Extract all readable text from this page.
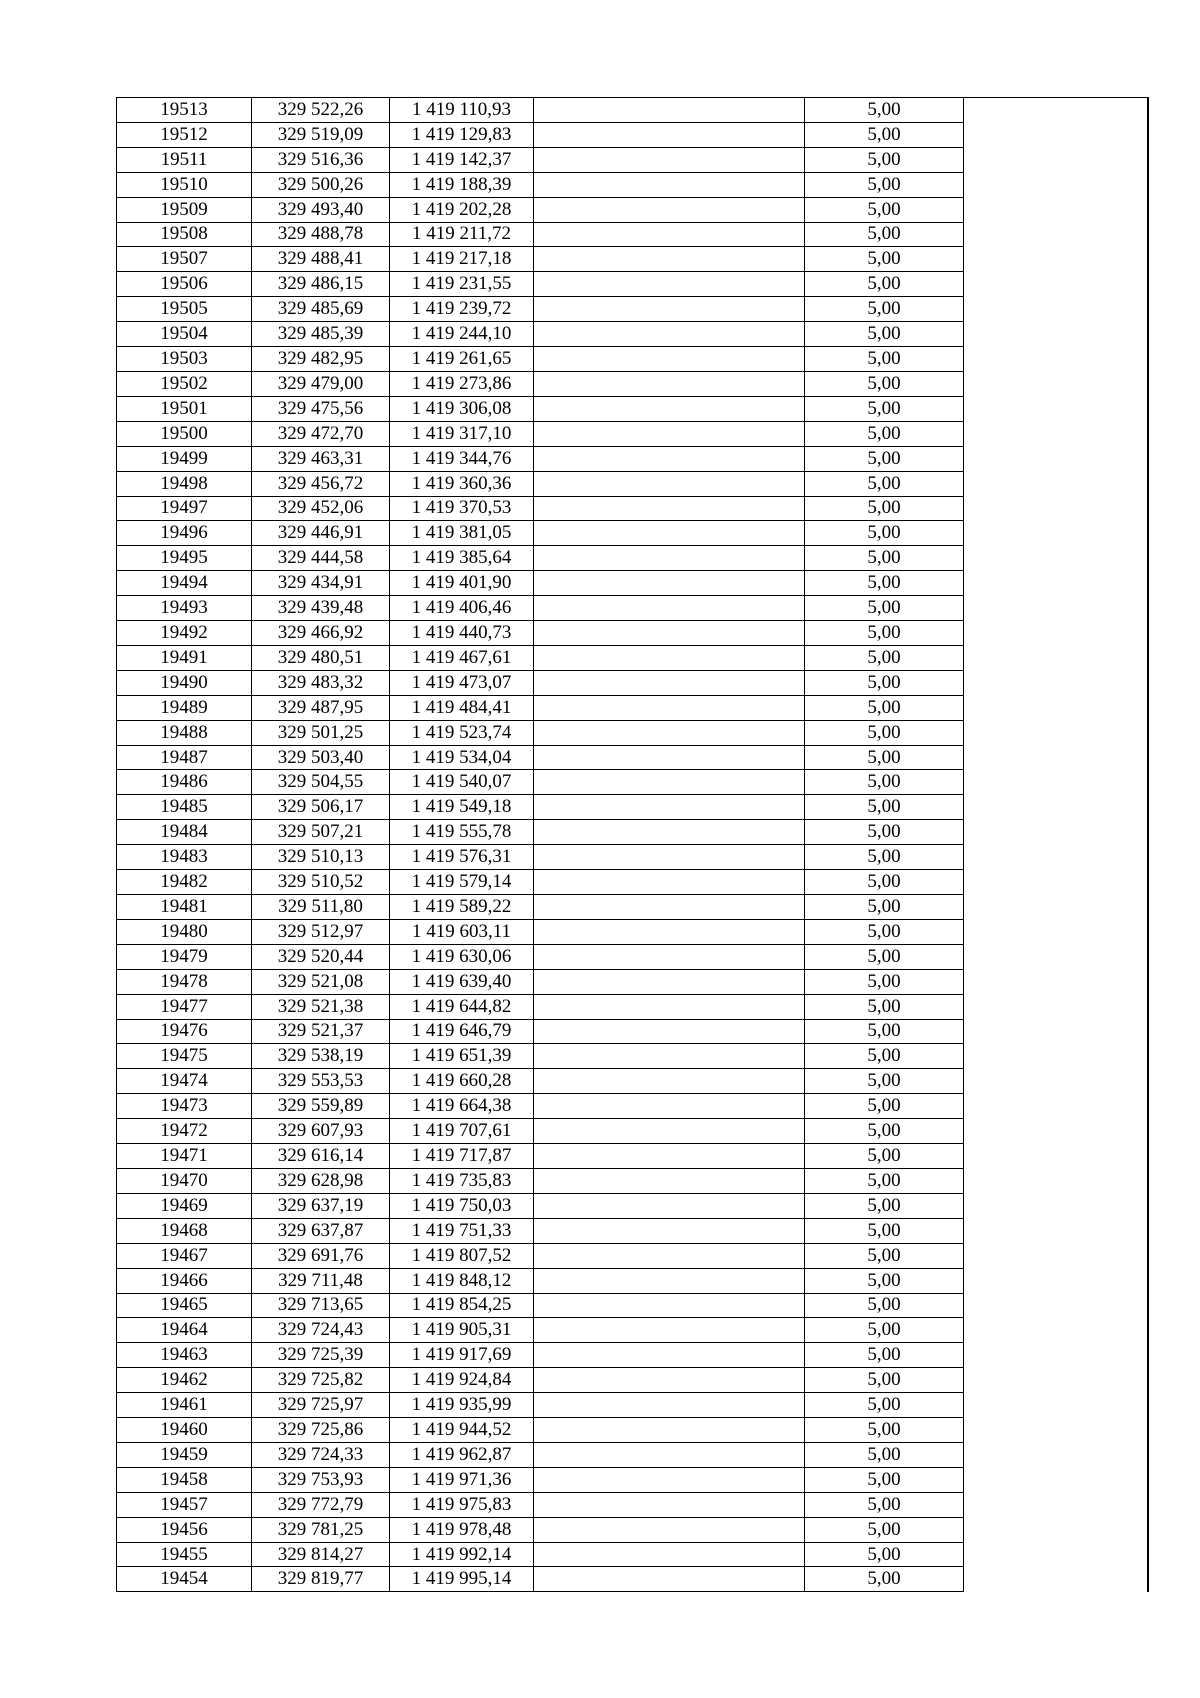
19513	329 522,26	1 419 110,93		5,00	
19512	329 519,09	1 419 129,83		5,00	
19511	329 516,36	1 419 142,37		5,00	
19510	329 500,26	1 419 188,39		5,00	
19509	329 493,40	1 419 202,28		5,00	
19508	329 488,78	1 419 211,72		5,00	
19507	329 488,41	1 419 217,18		5,00	
19506	329 486,15	1 419 231,55		5,00	
19505	329 485,69	1 419 239,72		5,00	
19504	329 485,39	1 419 244,10		5,00	
19503	329 482,95	1 419 261,65		5,00	
19502	329 479,00	1 419 273,86		5,00	
19501	329 475,56	1 419 306,08		5,00	
19500	329 472,70	1 419 317,10		5,00	
19499	329 463,31	1 419 344,76		5,00	
19498	329 456,72	1 419 360,36		5,00	
19497	329 452,06	1 419 370,53		5,00	
19496	329 446,91	1 419 381,05		5,00	
19495	329 444,58	1 419 385,64		5,00	
19494	329 434,91	1 419 401,90		5,00	
19493	329 439,48	1 419 406,46		5,00	
19492	329 466,92	1 419 440,73		5,00	
19491	329 480,51	1 419 467,61		5,00	
19490	329 483,32	1 419 473,07		5,00	
19489	329 487,95	1 419 484,41		5,00	
19488	329 501,25	1 419 523,74		5,00	
19487	329 503,40	1 419 534,04		5,00	
19486	329 504,55	1 419 540,07		5,00	
19485	329 506,17	1 419 549,18		5,00	
19484	329 507,21	1 419 555,78		5,00	
19483	329 510,13	1 419 576,31		5,00	
19482	329 510,52	1 419 579,14		5,00	
19481	329 511,80	1 419 589,22		5,00	
19480	329 512,97	1 419 603,11		5,00	
19479	329 520,44	1 419 630,06		5,00	
19478	329 521,08	1 419 639,40		5,00	
19477	329 521,38	1 419 644,82		5,00	
19476	329 521,37	1 419 646,79		5,00	
19475	329 538,19	1 419 651,39		5,00	
19474	329 553,53	1 419 660,28		5,00	
19473	329 559,89	1 419 664,38		5,00	
19472	329 607,93	1 419 707,61		5,00	
19471	329 616,14	1 419 717,87		5,00	
19470	329 628,98	1 419 735,83		5,00	
19469	329 637,19	1 419 750,03		5,00	
19468	329 637,87	1 419 751,33		5,00	
19467	329 691,76	1 419 807,52		5,00	
19466	329 711,48	1 419 848,12		5,00	
19465	329 713,65	1 419 854,25		5,00	
19464	329 724,43	1 419 905,31		5,00	
19463	329 725,39	1 419 917,69		5,00	
19462	329 725,82	1 419 924,84		5,00	
19461	329 725,97	1 419 935,99		5,00	
19460	329 725,86	1 419 944,52		5,00	
19459	329 724,33	1 419 962,87		5,00	
19458	329 753,93	1 419 971,36		5,00	
19457	329 772,79	1 419 975,83		5,00	
19456	329 781,25	1 419 978,48		5,00	
19455	329 814,27	1 419 992,14		5,00	
19454	329 819,77	1 419 995,14		5,00	
